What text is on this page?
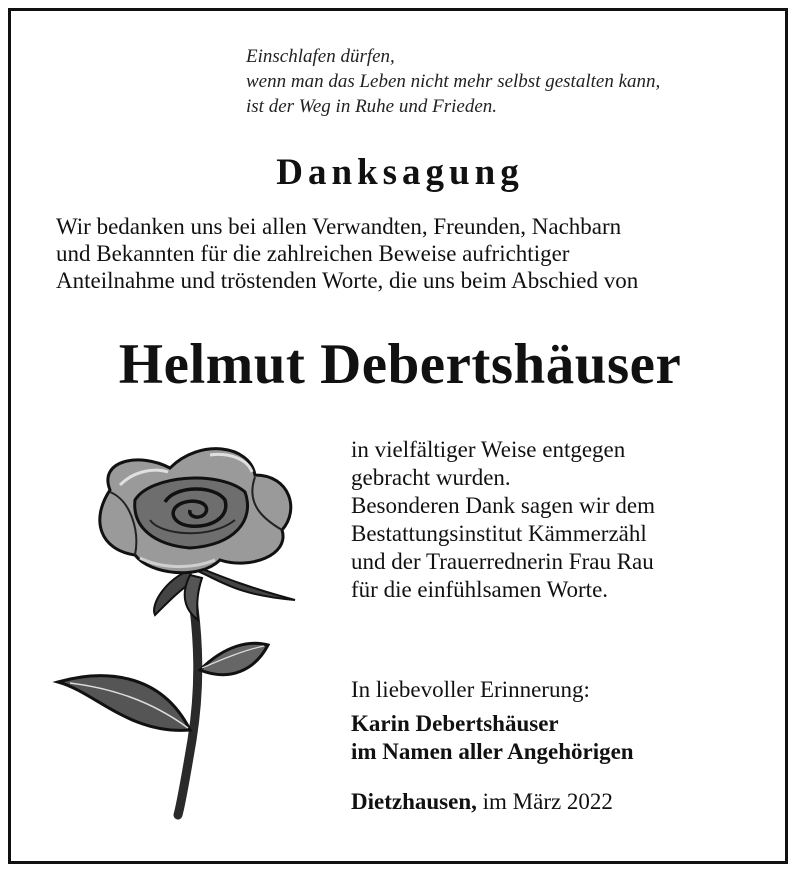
Einschlafen dürfen,
wenn man das Leben nicht mehr selbst gestalten kann,
ist der Weg in Ruhe und Frieden.
Danksagung
Wir bedanken uns bei allen Verwandten, Freunden, Nachbarn
und Bekannten für die zahlreichen Beweise aufrichtiger
Anteilnahme und tröstenden Worte, die uns beim Abschied von
Helmut Debertshäuser
in vielfältiger Weise entgegen
gebracht wurden.
Besonderen Dank sagen wir dem
Bestattungsinstitut Kämmerzähl
und der Trauerrednerin Frau Rau
für die einfühlsamen Worte.
In liebevoller Erinnerung:
Karin Debertshäuser
im Namen aller Angehörigen
Dietzhausen, im März 2022
